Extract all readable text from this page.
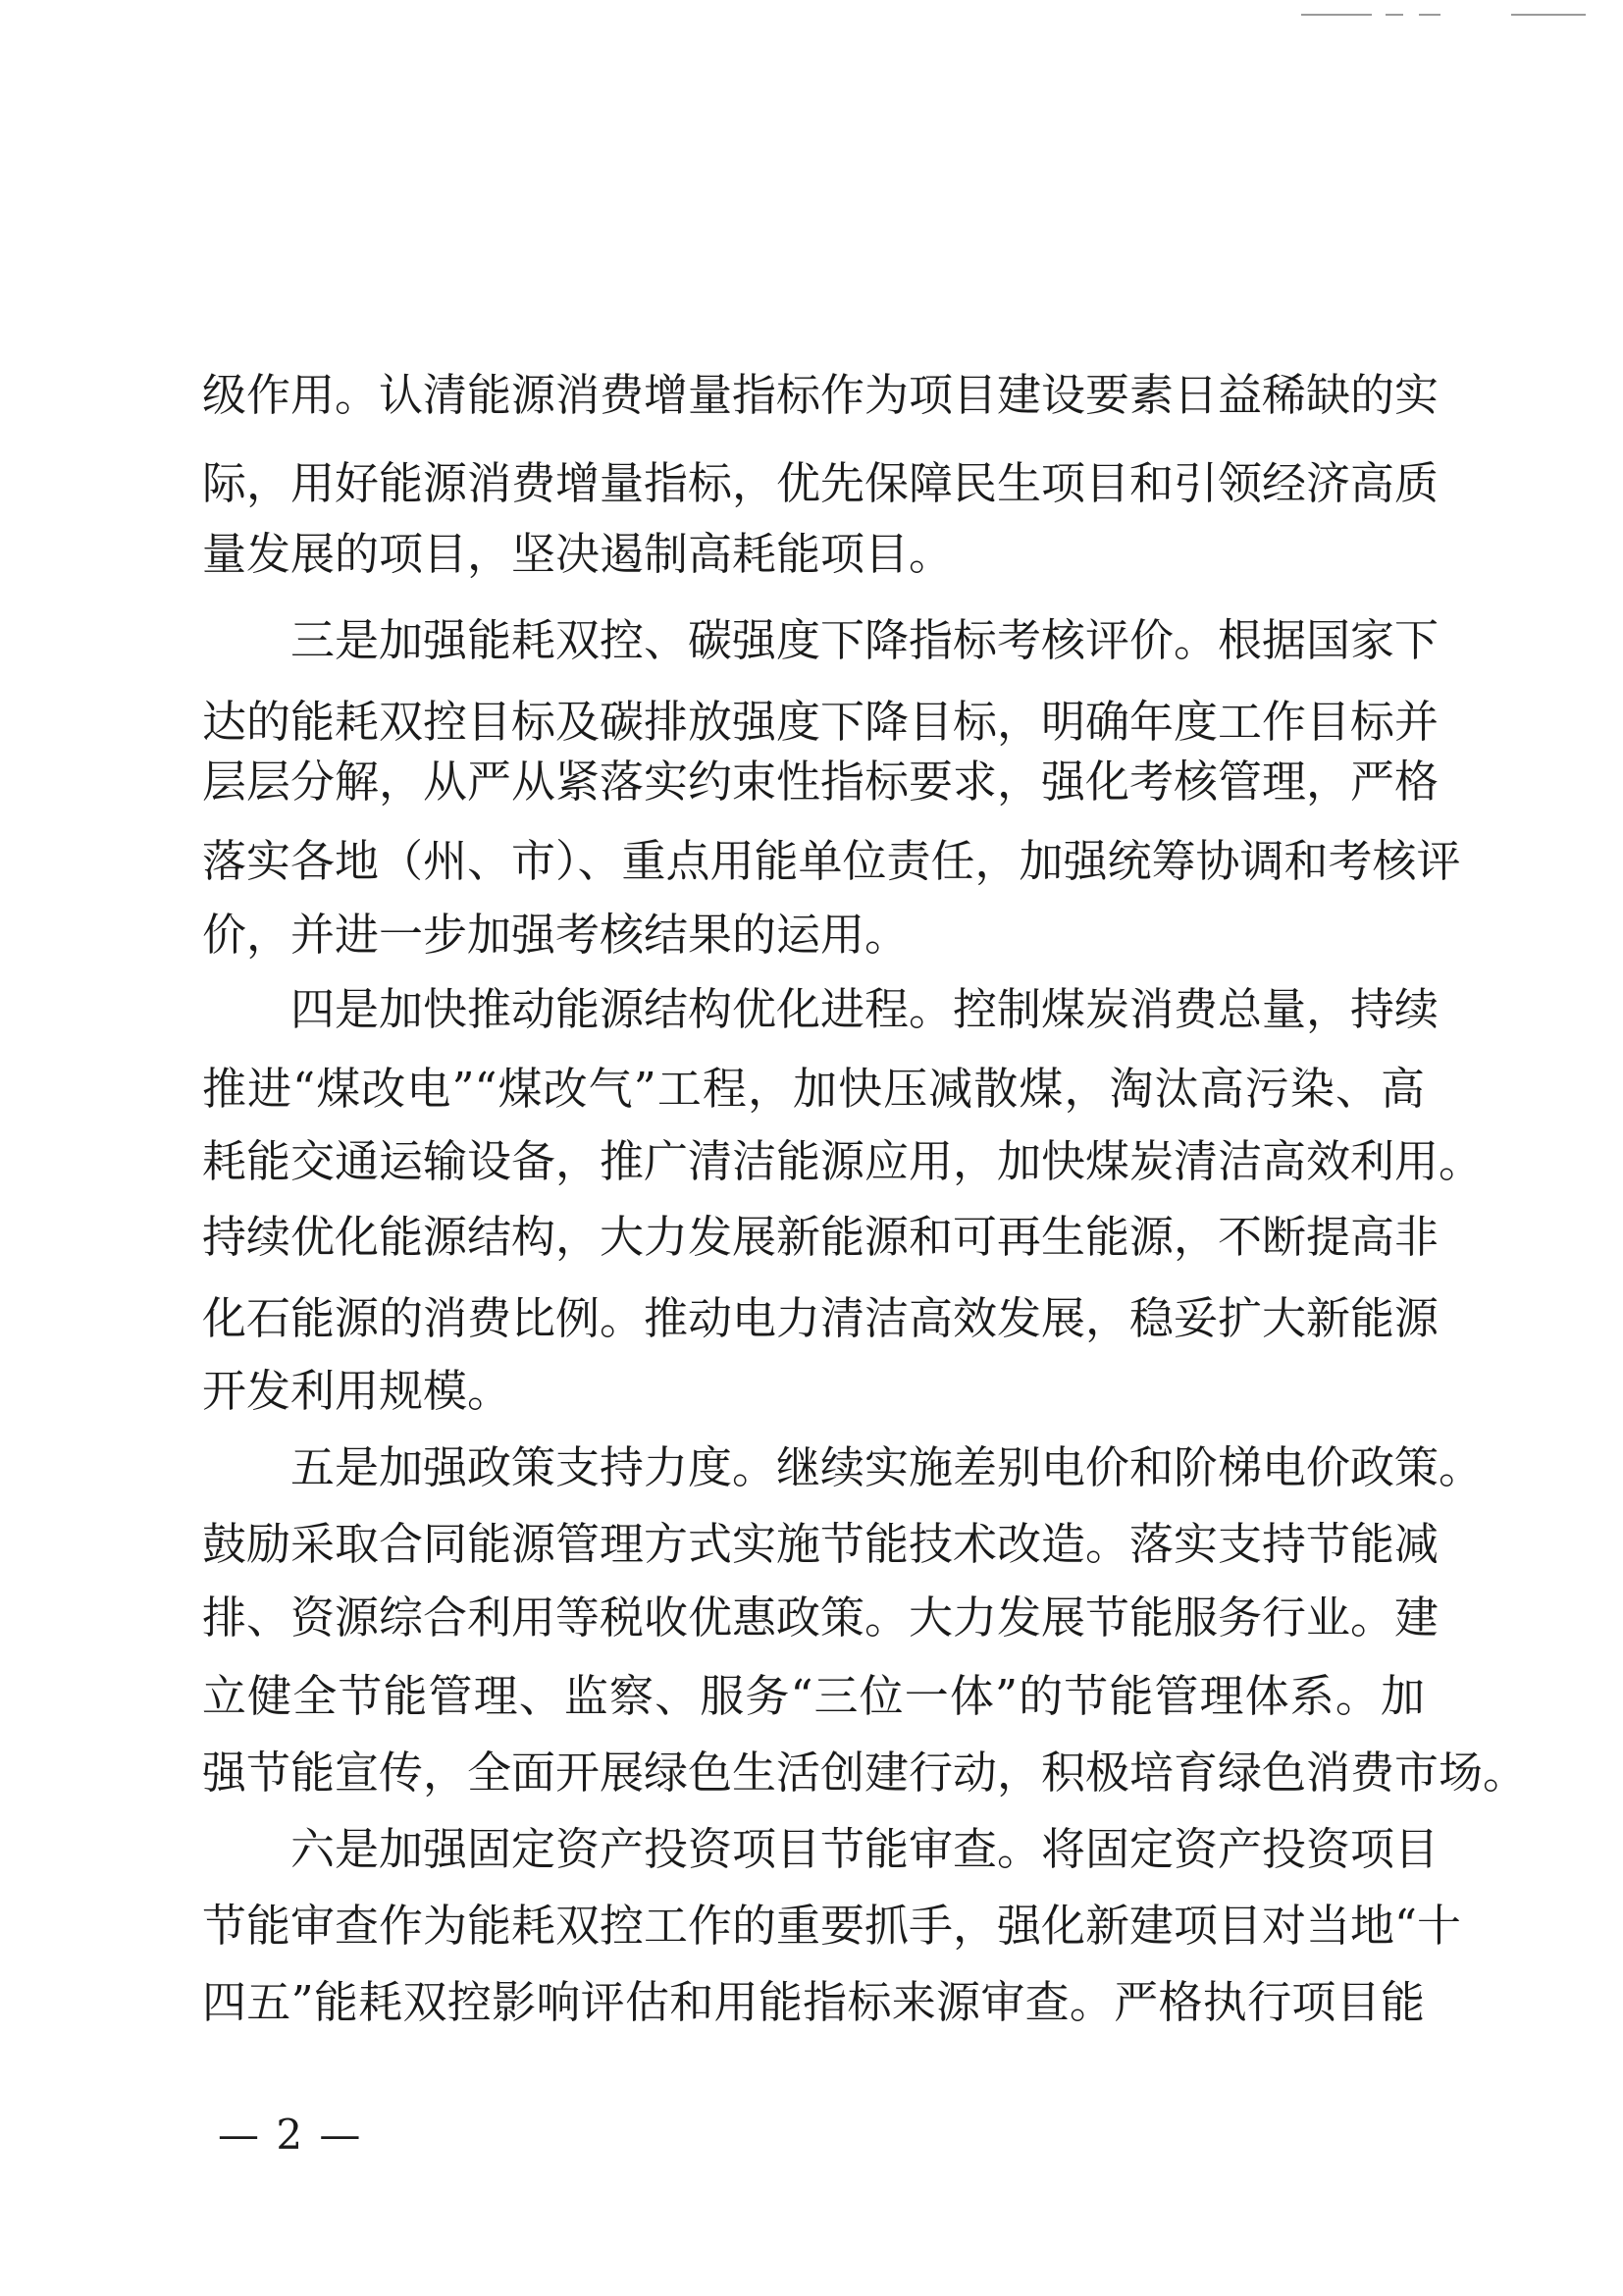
级作用。认清能源消费增量指标作为项目建设要素日益稀缺的实
际，用好能源消费增量指标，优先保障民生项目和引领经济高质
量发展的项目，坚决遏制高耗能项目。
三是加强能耗双控、碳强度下降指标考核评价。根据国家下
达的能耗双控目标及碳排放强度下降目标，明确年度工作目标并
层层分解，从严从紧落实约束性指标要求，强化考核管理，严格
落实各地（州、市）、重点用能单位责任，加强统筹协调和考核评
价，并进一步加强考核结果的运用。
四是加快推动能源结构优化进程。控制煤炭消费总量，持续
推进“煤改电”“煤改气”工程，加快压减散煤，淘汰高污染、高
耗能交通运输设备，推广清洁能源应用，加快煤炭清洁高效利用。
持续优化能源结构，大力发展新能源和可再生能源，不断提高非
化石能源的消费比例。推动电力清洁高效发展，稳妥扩大新能源
开发利用规模。
五是加强政策支持力度。继续实施差别电价和阶梯电价政策。
鼓励采取合同能源管理方式实施节能技术改造。落实支持节能减
排、资源综合利用等税收优惠政策。大力发展节能服务行业。建
立健全节能管理、监察、服务“三位一体”的节能管理体系。加
强节能宣传，全面开展绿色生活创建行动，积极培育绿色消费市场。
六是加强固定资产投资项目节能审查。将固定资产投资项目
节能审查作为能耗双控工作的重要抓手，强化新建项目对当地“十
四五”能耗双控影响评估和用能指标来源审查。严格执行项目能
— 2 —
